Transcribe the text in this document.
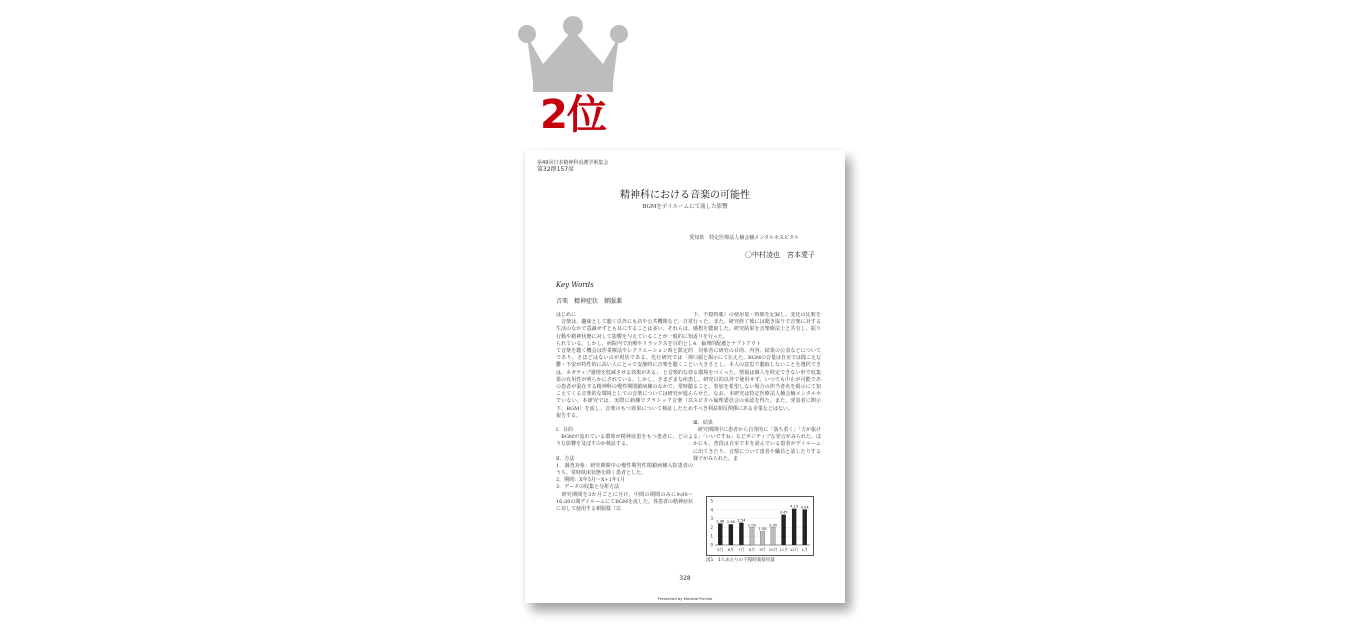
2位
第49回日本精神科看護学術集会
第32群157席
精神科における音楽の可能性
BGMをデイルームにて流した影響
愛知県　特定医療法人楠会楠メンタルホスピタル
〇中村凌也　宮本愛子
Key Words
音楽　精神症状　頓服薬

はじめに

　音楽は、趣味として聴く以外にも店や公共機関など、日常生活のなかで意識せずとも耳にすることは多い。それらは、行動や精神状態に対して影響を与えていることが一般的に知られている。しかし、病院内で治療やリラックスを目的として音楽を聴く機会は作業療法やレクリエーション時と限定的であり、さほどはないのが現状である。先行研究では「抑鬱・不安が特性的に高い人にとって安静時に音楽を聴くことは、ネガティブ感情を低減させる効果がある」 と音楽的な効果の有用性が明らかにされている。しかし、さまざまな疾患の患者が混在する精神科の慢性期閉鎖病棟のなかで、常時聴こえてくる音楽的な環境としての音楽については研究が進んでいない。本研究では、実際に病棟でクラシック音楽（以下、BGM）を流し、音楽のもつ効果について検証したため報告する。

Ⅰ．目的

　BGMが流れている環境が精神症患をもつ患者に、どのような影響を及ぼすのか検証する。

Ⅱ．方法

1．調査対象：研究期間中の慢性期男性閉鎖病棟入院患者のうち、常時臥床状態を除く患者とした。

2．期間：X年5月～X+1年1月

3．データの収集と分析方法

　研究期間を3か月ごとに分け、中間の期間のみに9:00～16:30の間デイルームにてBGMを流した。各患者の精神症状に対して使用する頓服薬（以

下、不穏時薬）の使用量・時間を記録し、変化の比較を行った。また、研究終了後には聞き取りで音楽に対する感想を聴取した。研究結果を音楽療法士と共有し、振り返りを行った。

4．倫理的配慮とナプトアウト

　対象者に研究の目的、内容、結果の公表などについて口頭と掲示にて伝えた。BGMの音量は自室では聞こえない大きさとし、本人の意思で聴取しないことを選択できる環境をつくった。情報は個人を特定できない形で収集し、研究目的以外で使用せず、いつでも中止が可能であること、参加を希望しない場合の担当者名を掲示にて知らせた。なお、本研究は特定医療法人楠会楠メンタルホスピタル倫理委員会の承認を得た。また、発表者に開示すべき利益相反関係にある企業などはない。

Ⅲ．結果

　研究期間中に患者から自発的に「落ち着く」「力が抜ける」「いいですね」などポジティブな発言がみられた。ほかにも、普段は自室で本を読んでいる患者がデイルームに出てきたり、音楽について患者や職員と話したりする様子がみられた。ま

0
1
2
3
4
5
2.46
5月
2.36
6月
2.54
7月
2.00
8月
1.58
9月
2.00
10月
3.45
11月
4.13
12月
4.04
1月
図1　1人あたりの不穏時薬使用量
328
Presented by Medical*Online
